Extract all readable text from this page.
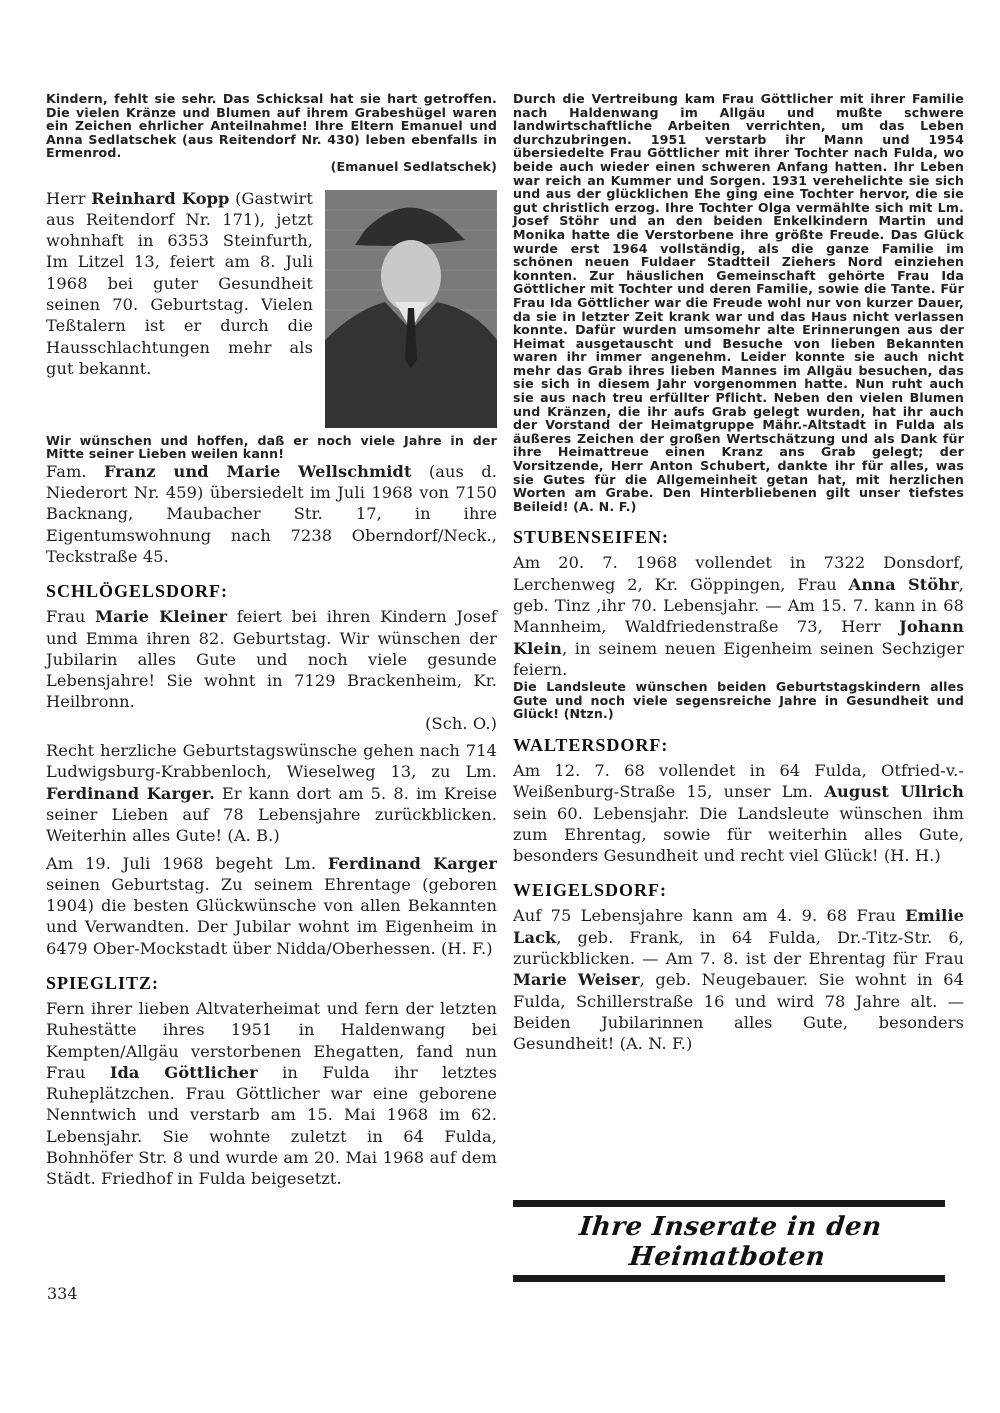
Kindern, fehlt sie sehr. Das Schicksal hat sie hart getroffen. Die vielen Kränze und Blumen auf ihrem Grabeshügel waren ein Zeichen ehrlicher Anteilnahme! Ihre Eltern Emanuel und Anna Sedlatschek (aus Reitendorf Nr. 430) leben ebenfalls in Ermenrod.

(Emanuel Sedlatschek)

Herr Reinhard Kopp (Gastwirt aus Reitendorf Nr. 171), jetzt wohnhaft in 6353 Steinfurth, Im Litzel 13, feiert am 8. Juli 1968 bei guter Gesundheit seinen 70. Geburtstag. Vielen Teßtalern ist er durch die Hausschlachtungen mehr als gut bekannt.

Wir wünschen und hoffen, daß er noch viele Jahre in der Mitte seiner Lieben weilen kann!

Fam. Franz und Marie Wellschmidt (aus d. Niederort Nr. 459) übersiedelt im Juli 1968 von 7150 Backnang, Maubacher Str. 17, in ihre Eigentumswohnung nach 7238 Oberndorf/Neck., Teckstraße 45.

SCHLÖGELSDORF:

Frau Marie Kleiner feiert bei ihren Kindern Josef und Emma ihren 82. Geburtstag. Wir wünschen der Jubilarin alles Gute und noch viele gesunde Lebensjahre! Sie wohnt in 7129 Brackenheim, Kr. Heilbronn.

(Sch. O.)

Recht herzliche Geburtstagswünsche gehen nach 714 Ludwigsburg-Krabbenloch, Wieselweg 13, zu Lm. Ferdinand Karger. Er kann dort am 5. 8. im Kreise seiner Lieben auf 78 Lebensjahre zurückblicken. Weiterhin alles Gute! (A. B.)

Am 19. Juli 1968 begeht Lm. Ferdinand Karger seinen Geburtstag. Zu seinem Ehrentage (geboren 1904) die besten Glückwünsche von allen Bekannten und Verwandten. Der Jubilar wohnt im Eigenheim in 6479 Ober-Mockstadt über Nidda/Oberhessen. (H. F.)

SPIEGLITZ:

Fern ihrer lieben Altvaterheimat und fern der letzten Ruhestätte ihres 1951 in Haldenwang bei Kempten/Allgäu verstorbenen Ehegatten, fand nun Frau Ida Göttlicher in Fulda ihr letztes Ruheplätzchen. Frau Göttlicher war eine geborene Nenntwich und verstarb am 15. Mai 1968 im 62. Lebensjahr. Sie wohnte zuletzt in 64 Fulda, Bohnhöfer Str. 8 und wurde am 20. Mai 1968 auf dem Städt. Friedhof in Fulda beigesetzt.

Durch die Vertreibung kam Frau Göttlicher mit ihrer Familie nach Haldenwang im Allgäu und mußte schwere landwirtschaftliche Arbeiten verrichten, um das Leben durchzubringen. 1951 verstarb ihr Mann und 1954 übersiedelte Frau Göttlicher mit ihrer Tochter nach Fulda, wo beide auch wieder einen schweren Anfang hatten. Ihr Leben war reich an Kummer und Sorgen. 1931 verehelichte sie sich und aus der glücklichen Ehe ging eine Tochter hervor, die sie gut christlich erzog. Ihre Tochter Olga vermählte sich mit Lm. Josef Stöhr und an den beiden Enkelkindern Martin und Monika hatte die Verstorbene ihre größte Freude. Das Glück wurde erst 1964 vollständig, als die ganze Familie im schönen neuen Fuldaer Stadtteil Ziehers Nord einziehen konnten. Zur häuslichen Gemeinschaft gehörte Frau Ida Göttlicher mit Tochter und deren Familie, sowie die Tante. Für Frau Ida Göttlicher war die Freude wohl nur von kurzer Dauer, da sie in letzter Zeit krank war und das Haus nicht verlassen konnte. Dafür wurden umsomehr alte Erinnerungen aus der Heimat ausgetauscht und Besuche von lieben Bekannten waren ihr immer angenehm. Leider konnte sie auch nicht mehr das Grab ihres lieben Mannes im Allgäu besuchen, das sie sich in diesem Jahr vorgenommen hatte. Nun ruht auch sie aus nach treu erfüllter Pflicht. Neben den vielen Blumen und Kränzen, die ihr aufs Grab gelegt wurden, hat ihr auch der Vorstand der Heimatgruppe Mähr.-Altstadt in Fulda als äußeres Zeichen der großen Wertschätzung und als Dank für ihre Heimattreue einen Kranz ans Grab gelegt; der Vorsitzende, Herr Anton Schubert, dankte ihr für alles, was sie Gutes für die Allgemeinheit getan hat, mit herzlichen Worten am Grabe. Den Hinterbliebenen gilt unser tiefstes Beileid! (A. N. F.)

STUBENSEIFEN:

Am 20. 7. 1968 vollendet in 7322 Donsdorf, Lerchenweg 2, Kr. Göppingen, Frau Anna Stöhr, geb. Tinz ,ihr 70. Lebensjahr. — Am 15. 7. kann in 68 Mannheim, Waldfriedenstraße 73, Herr Johann Klein, in seinem neuen Eigenheim seinen Sechziger feiern.

Die Landsleute wünschen beiden Geburtstagskindern alles Gute und noch viele segensreiche Jahre in Gesundheit und Glück! (Ntzn.)

WALTERSDORF:

Am 12. 7. 68 vollendet in 64 Fulda, Otfried-v.-Weißenburg-Straße 15, unser Lm. August Ullrich sein 60. Lebensjahr. Die Landsleute wünschen ihm zum Ehrentag, sowie für weiterhin alles Gute, besonders Gesundheit und recht viel Glück! (H. H.)

WEIGELSDORF:

Auf 75 Lebensjahre kann am 4. 9. 68 Frau Emilie Lack, geb. Frank, in 64 Fulda, Dr.-Titz-Str. 6, zurückblicken. — Am 7. 8. ist der Ehrentag für Frau Marie Weiser, geb. Neugebauer. Sie wohnt in 64 Fulda, Schillerstraße 16 und wird 78 Jahre alt. — Beiden Jubilarinnen alles Gute, besonders Gesundheit! (A. N. F.)

Ihre Inserate in den Heimatboten
334
